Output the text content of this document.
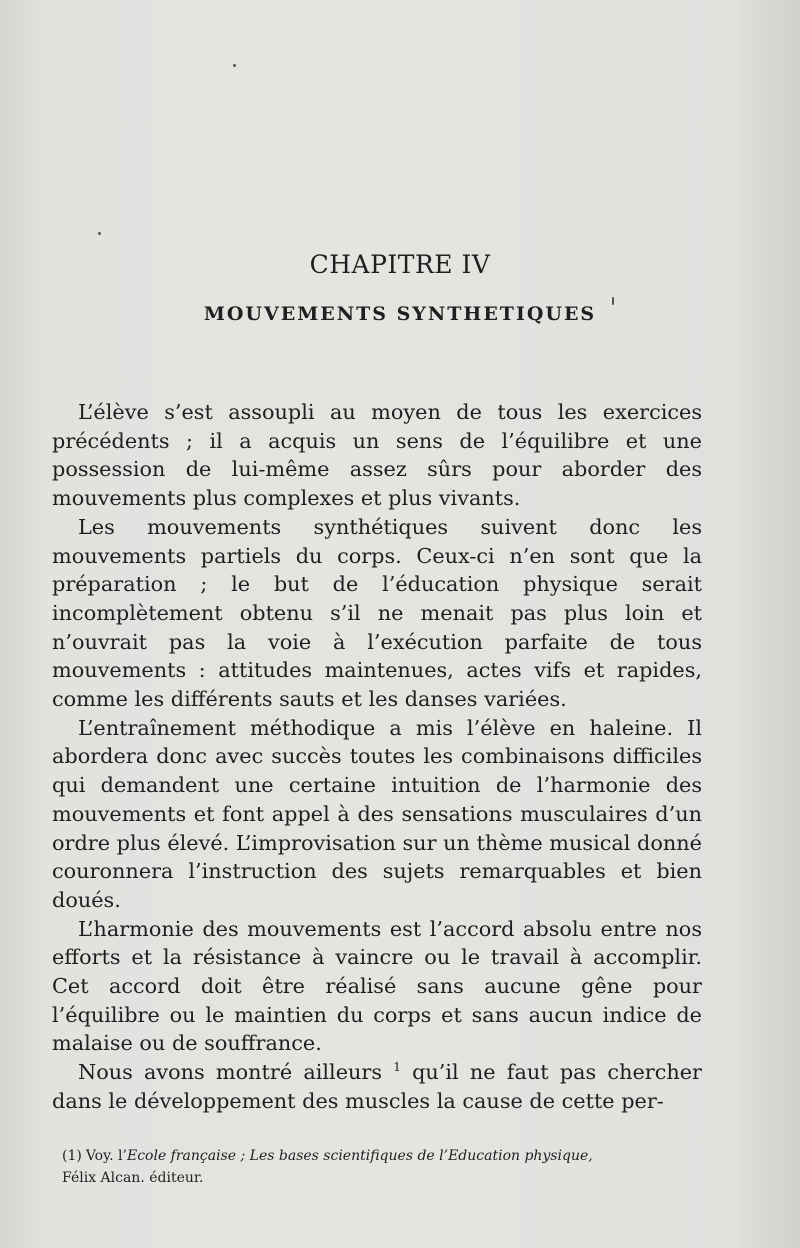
CHAPITRE IV
MOUVEMENTS SYNTHETIQUES

L’élève s’est assoupli au moyen de tous les exercices précédents ; il a acquis un sens de l’équilibre et une possession de lui-même assez sûrs pour aborder des mouvements plus complexes et plus vivants.

Les mouvements synthétiques suivent donc les mouvements partiels du corps. Ceux-ci n’en sont que la préparation ; le but de l’éducation physique serait incomplètement obtenu s’il ne menait pas plus loin et n’ouvrait pas la voie à l’exécution parfaite de tous mouvements : attitudes maintenues, actes vifs et rapides, comme les différents sauts et les danses variées.

L’entraînement méthodique a mis l’élève en haleine. Il abordera donc avec succès toutes les combinaisons difficiles qui demandent une certaine intuition de l’harmonie des mouvements et font appel à des sensations musculaires d’un ordre plus élevé. L’improvisation sur un thème musical donné couronnera l’instruction des sujets remarquables et bien doués.

L’harmonie des mouvements est l’accord absolu entre nos efforts et la résistance à vaincre ou le travail à accomplir. Cet accord doit être réalisé sans aucune gêne pour l’équilibre ou le maintien du corps et sans aucun indice de malaise ou de souffrance.

Nous avons montré ailleurs $^1$ qu’il ne faut pas chercher dans le développement des muscles la cause de cette per-

(1) Voy. l’Ecole française ; Les bases scientifiques de l’Education physique,
Félix Alcan. éditeur.
